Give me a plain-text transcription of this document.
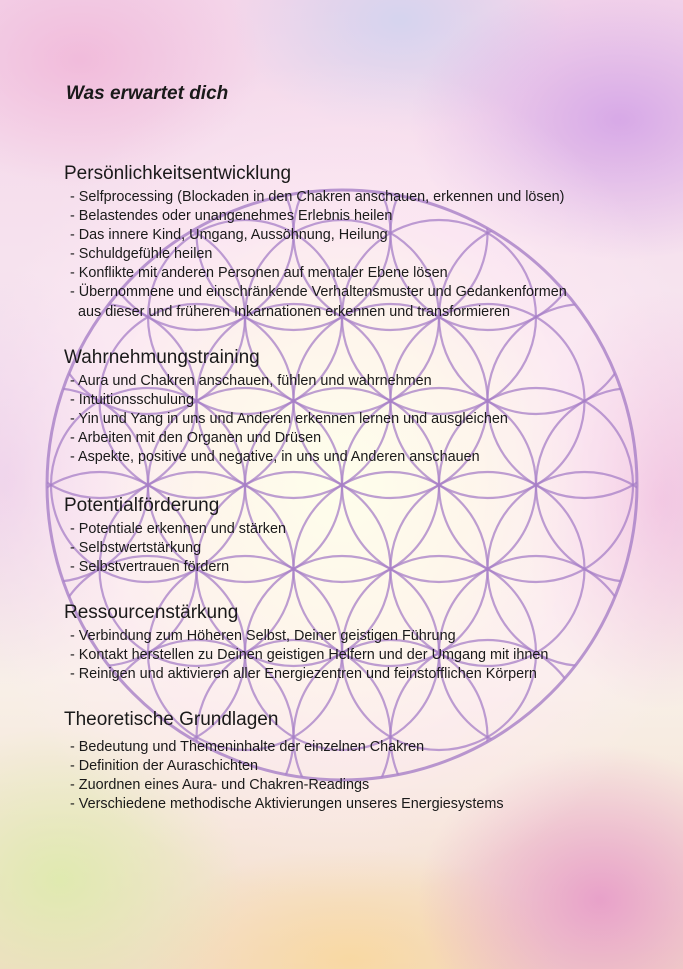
Was erwartet dich
Persönlichkeitsentwicklung
- Selfprocessing (Blockaden in den Chakren anschauen, erkennen und lösen)
- Belastendes oder unangenehmes Erlebnis heilen
- Das innere Kind, Umgang, Aussöhnung, Heilung
- Schuldgefühle heilen
- Konflikte mit anderen Personen auf mentaler Ebene lösen
- Übernommene und einschränkende Verhaltensmuster und Gedankenformen
aus dieser und früheren Inkarnationen erkennen und transformieren
Wahrnehmungstraining
- Aura und Chakren anschauen, fühlen und wahrnehmen
- Intuitionsschulung
- Yin und Yang in uns und Anderen erkennen lernen und ausgleichen
- Arbeiten mit den Organen und Drüsen
- Aspekte, positive und negative, in uns und Anderen anschauen
Potentialförderung
- Potentiale erkennen und stärken
- Selbstwertstärkung
- Selbstvertrauen fördern
Ressourcenstärkung
- Verbindung zum Höheren Selbst, Deiner geistigen Führung
- Kontakt herstellen zu Deinen geistigen Helfern und der Umgang mit ihnen
- Reinigen und aktivieren aller Energiezentren und feinstofflichen Körpern
Theoretische Grundlagen
- Bedeutung und Themeninhalte der einzelnen Chakren
- Definition der Auraschichten
- Zuordnen eines Aura- und Chakren-Readings
- Verschiedene methodische Aktivierungen unseres Energiesystems
